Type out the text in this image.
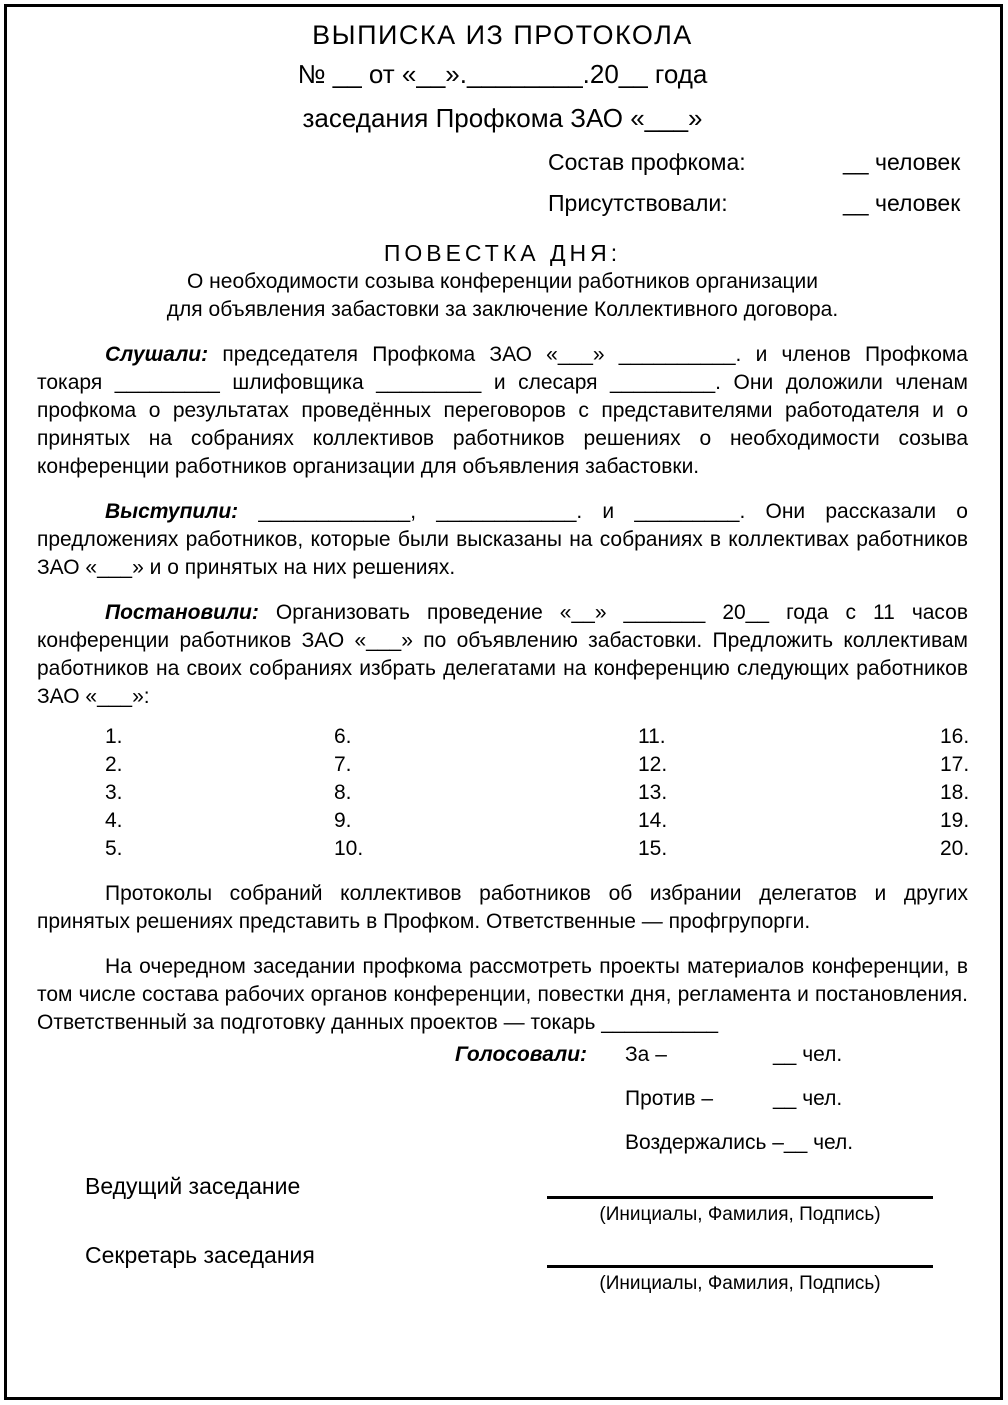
ВЫПИСКА ИЗ ПРОТОКОЛА
№ __ от «__».________.20__ года
заседания Профкома ЗАО «___»
Состав профкома:	__ человек
Присутствовали:	__ человек
ПОВЕСТКА ДНЯ:
О необходимости созыва конференции работников организации
для объявления забастовки за заключение Коллективного договора.

Слушали: председателя Профкома ЗАО «___» __________. и членов Профкома токаря _________ шлифовщика _________ и слесаря _________. Они доложили членам профкома о результатах проведённых переговоров с представителями работодателя и о принятых на собраниях коллективов работников решениях о необходимости созыва конференции работников организации для объявления забастовки.

Выступили: _____________, ____________. и _________. Они рассказали о предложениях работников, которые были высказаны на собраниях в коллективах работников ЗАО «___» и о принятых на них решениях.

Постановили: Организовать проведение «__» _______ 20__ года с 11 часов конференции работников ЗАО «___» по объявлению забастовки. Предложить коллективам работников на своих собраниях избрать делегатами на конференцию следующих работников ЗАО «___»:

1.	6.	11.	16.
2.	7.	12.	17.
3.	8.	13.	18.
4.	9.	14.	19.
5.	10.	15.	20.

Протоколы собраний коллективов работников об избрании делегатов и других принятых решениях представить в Профком. Ответственные — профгрупорги.

На очередном заседании профкома рассмотреть проекты материалов конференции, в том числе состава рабочих органов конференции, повестки дня, регламента и постановления. Ответственный за подготовку данных проектов — токарь __________

Голосовали:	За –	__ чел.
Против –	__ чел.
Воздержались – __ чел.
Ведущий заседание
(Инициалы, Фамилия, Подпись)
Секретарь заседания
(Инициалы, Фамилия, Подпись)
